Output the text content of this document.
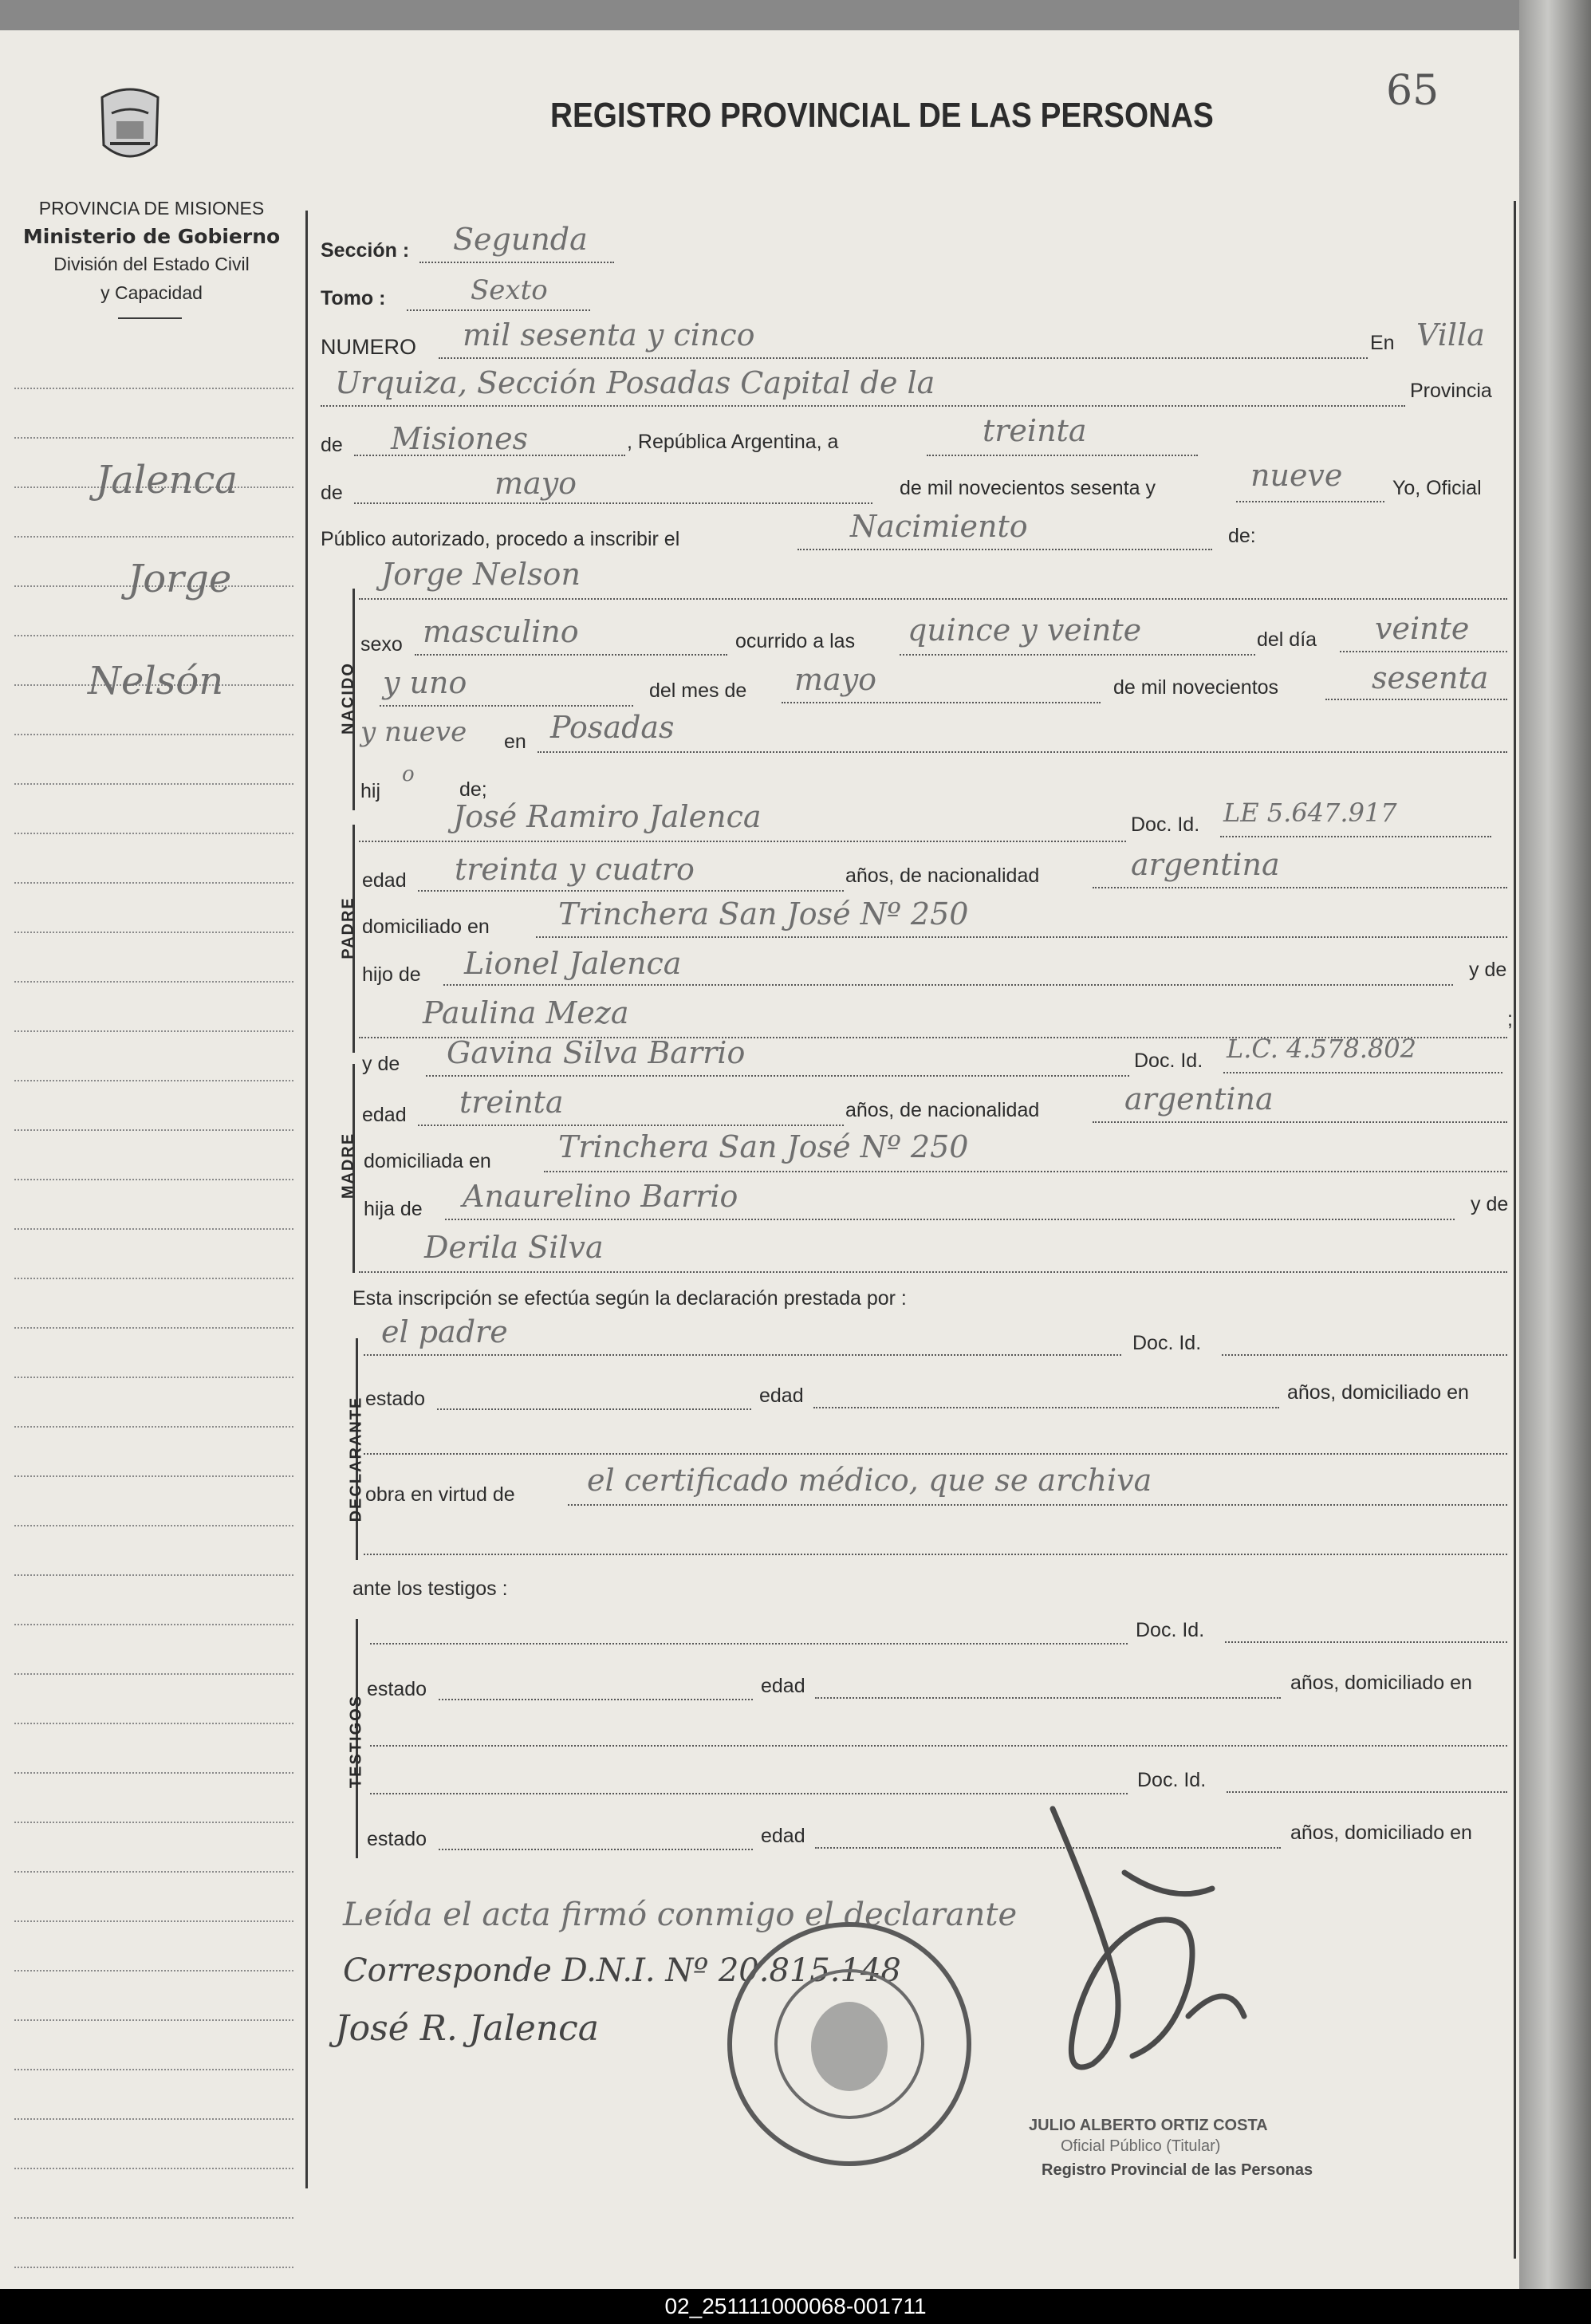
PROVINCIA DE MISIONES
Ministerio de Gobierno
División del Estado Civil
y Capacidad
REGISTRO PROVINCIAL DE LAS PERSONAS
65
Jalenca
Jorge
Nelsón
Sección : Segunda
Tomo :	Sexto
NUMERO mil sesenta y cinco	En Villa
Urquiza, Sección Posadas Capital de la	Provincia
de Misiones	, República Argentina, a	treinta
de	mayo	de mil novecientos sesenta y	nueve	Yo, Oficial
Público autorizado, procedo a inscribir el	Nacimiento	de:
NACIDO
Jorge Nelson
sexo masculino	ocurrido a las quince y veinte	del día veinte
y uno	del mes de mayo	de mil novecientos	sesenta
y nueve en Posadas
hij
o
de;
José Ramiro Jalenca	Doc. Id. LE 5.647.917
PADRE
edad treinta y cuatro	años, de nacionalidad	argentina
domiciliado en Trinchera San José Nº 250
hijo de Lionel Jalenca	y de
Paulina Meza	;
y de Gavina Silva Barrio	Doc. Id. L.C. 4.578.802
MADRE
edad treinta	años, de nacionalidad	argentina
domiciliada en Trinchera San José Nº 250
hija de Anaurelino Barrio	y de
Derila Silva
Esta inscripción se efectúa según la declaración prestada por :
DECLARANTE
el padre	Doc. Id.
estado	edad	años, domiciliado en
obra en virtud de el certificado médico, que se archiva
ante los testigos :
TESTIGOS
Doc. Id.
estado	edad	años, domiciliado en
Doc. Id.
estado	edad	años, domiciliado en
Leída el acta firmó conmigo el declarante
Corresponde D.N.I. Nº 20.815.148
José R. Jalenca
JULIO ALBERTO ORTIZ COSTA
Oficial Público (Titular)
Registro Provincial de las Personas
02_251111000068-001711
